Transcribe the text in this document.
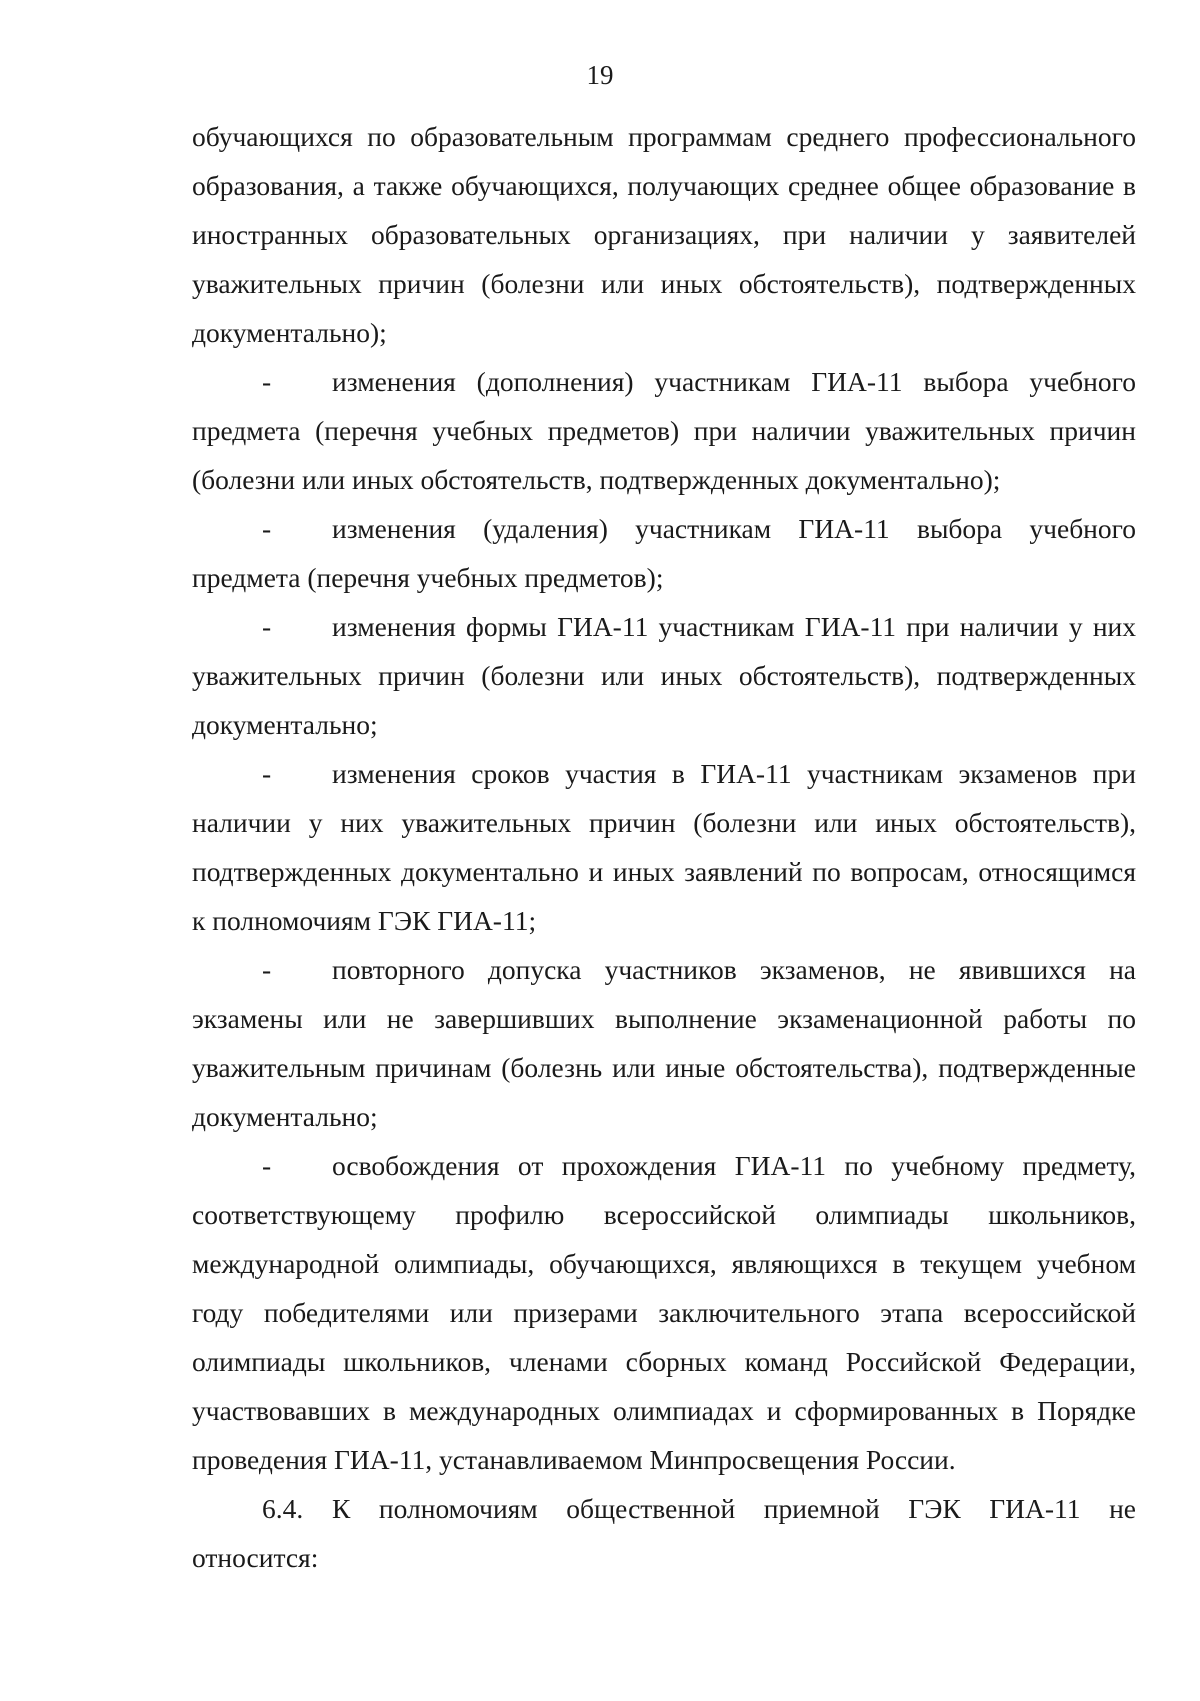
19

обучающихся по образовательным программам среднего профессионального образования, а также обучающихся, получающих среднее общее образование в иностранных образовательных организациях, при наличии у заявителей уважительных причин (болезни или иных обстоятельств), подтвержденных документально);

- изменения (дополнения) участникам ГИА-11 выбора учебного предмета (перечня учебных предметов) при наличии уважительных причин (болезни или иных обстоятельств, подтвержденных документально);

- изменения (удаления) участникам ГИА-11 выбора учебного предмета (перечня учебных предметов);

- изменения формы ГИА-11 участникам ГИА-11 при наличии у них уважительных причин (болезни или иных обстоятельств), подтвержденных документально;

- изменения сроков участия в ГИА-11 участникам экзаменов при наличии у них уважительных причин (болезни или иных обстоятельств), подтвержденных документально и иных заявлений по вопросам, относящимся к полномочиям ГЭК ГИА-11;

- повторного допуска участников экзаменов, не явившихся на экзамены или не завершивших выполнение экзаменационной работы по уважительным причинам (болезнь или иные обстоятельства), подтвержденные документально;

- освобождения от прохождения ГИА-11 по учебному предмету, соответствующему профилю всероссийской олимпиады школьников, международной олимпиады, обучающихся, являющихся в текущем учебном году победителями или призерами заключительного этапа всероссийской олимпиады школьников, членами сборных команд Российской Федерации, участвовавших в международных олимпиадах и сформированных в Порядке проведения ГИА-11, устанавливаемом Минпросвещения России.

6.4. К полномочиям общественной приемной ГЭК ГИА-11 не относится:
